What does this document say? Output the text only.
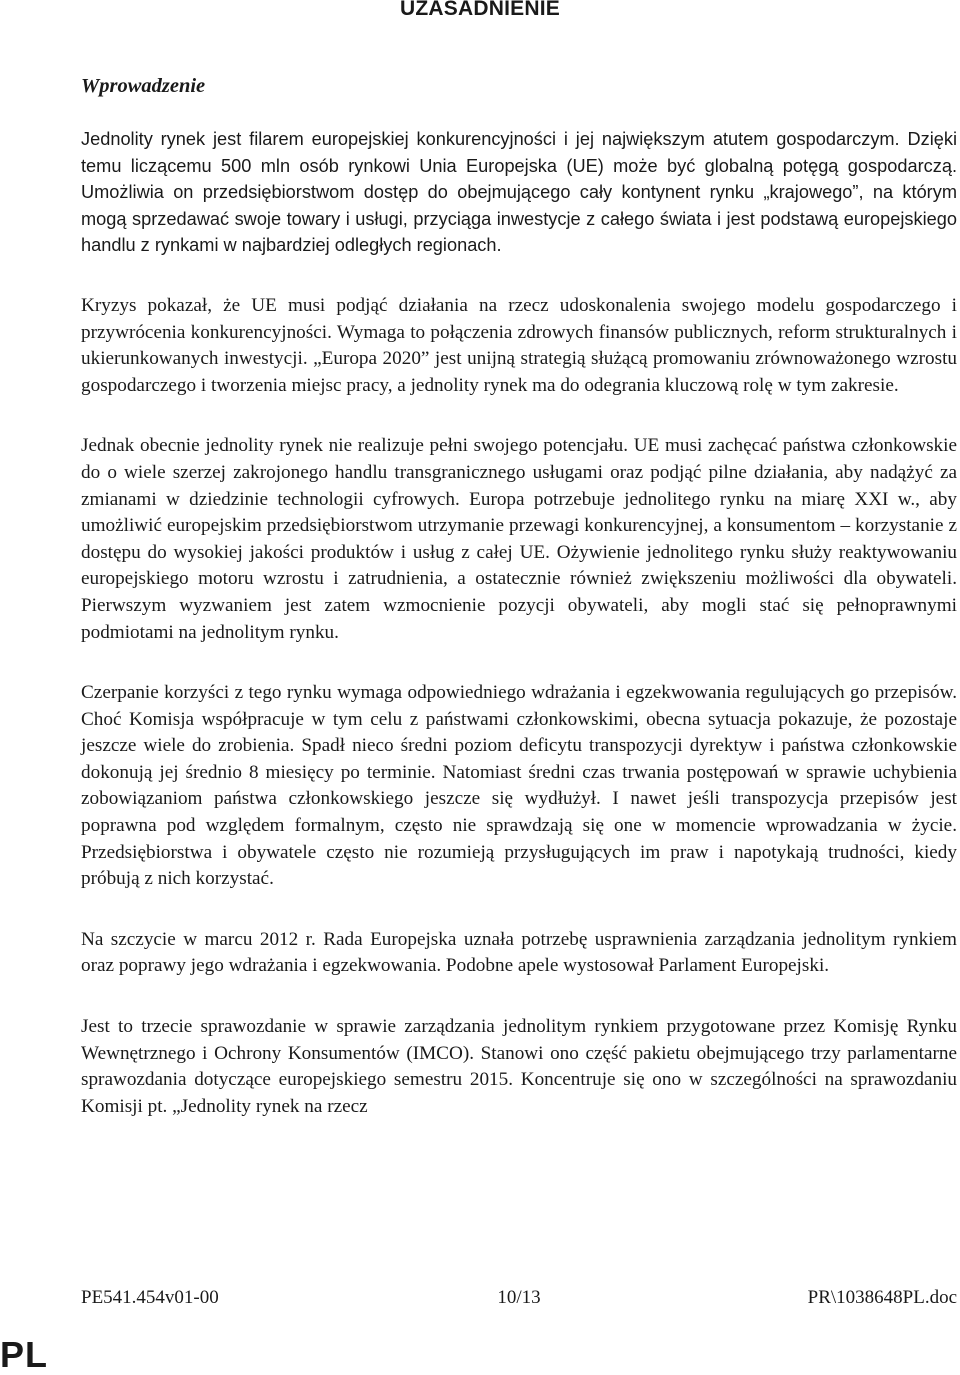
UZASADNIENIE
Wprowadzenie

Jednolity rynek jest filarem europejskiej konkurencyjności i jej największym atutem gospodarczym. Dzięki temu liczącemu 500 mln osób rynkowi Unia Europejska (UE) może być globalną potęgą gospodarczą. Umożliwia on przedsiębiorstwom dostęp do obejmującego cały kontynent rynku „krajowego”, na którym mogą sprzedawać swoje towary i usługi, przyciąga inwestycje z całego świata i jest podstawą europejskiego handlu z rynkami w najbardziej odległych regionach.

Kryzys pokazał, że UE musi podjąć działania na rzecz udoskonalenia swojego modelu gospodarczego i przywrócenia konkurencyjności. Wymaga to połączenia zdrowych finansów publicznych, reform strukturalnych i ukierunkowanych inwestycji. „Europa 2020” jest unijną strategią służącą promowaniu zrównoważonego wzrostu gospodarczego i tworzenia miejsc pracy, a jednolity rynek ma do odegrania kluczową rolę w tym zakresie.

Jednak obecnie jednolity rynek nie realizuje pełni swojego potencjału. UE musi zachęcać państwa członkowskie do o wiele szerzej zakrojonego handlu transgranicznego usługami oraz podjąć pilne działania, aby nadążyć za zmianami w dziedzinie technologii cyfrowych. Europa potrzebuje jednolitego rynku na miarę XXI w., aby umożliwić europejskim przedsiębiorstwom utrzymanie przewagi konkurencyjnej, a konsumentom – korzystanie z dostępu do wysokiej jakości produktów i usług z całej UE. Ożywienie jednolitego rynku służy reaktywowaniu europejskiego motoru wzrostu i zatrudnienia, a ostatecznie również zwiększeniu możliwości dla obywateli. Pierwszym wyzwaniem jest zatem wzmocnienie pozycji obywateli, aby mogli stać się pełnoprawnymi podmiotami na jednolitym rynku.

Czerpanie korzyści z tego rynku wymaga odpowiedniego wdrażania i egzekwowania regulujących go przepisów. Choć Komisja współpracuje w tym celu z państwami członkowskimi, obecna sytuacja pokazuje, że pozostaje jeszcze wiele do zrobienia. Spadł nieco średni poziom deficytu transpozycji dyrektyw i państwa członkowskie dokonują jej średnio 8 miesięcy po terminie. Natomiast średni czas trwania postępowań w sprawie uchybienia zobowiązaniom państwa członkowskiego jeszcze się wydłużył. I nawet jeśli transpozycja przepisów jest poprawna pod względem formalnym, często nie sprawdzają się one w momencie wprowadzania w życie. Przedsiębiorstwa i obywatele często nie rozumieją przysługujących im praw i napotykają trudności, kiedy próbują z nich korzystać.

Na szczycie w marcu 2012 r. Rada Europejska uznała potrzebę usprawnienia zarządzania jednolitym rynkiem oraz poprawy jego wdrażania i egzekwowania. Podobne apele wystosował Parlament Europejski.

Jest to trzecie sprawozdanie w sprawie zarządzania jednolitym rynkiem przygotowane przez Komisję Rynku Wewnętrznego i Ochrony Konsumentów (IMCO). Stanowi ono część pakietu obejmującego trzy parlamentarne sprawozdania dotyczące europejskiego semestru 2015. Koncentruje się ono w szczególności na sprawozdaniu Komisji pt. „Jednolity rynek na rzecz

PE541.454v01-00	10/13	PR\1038648PL.doc
PL
